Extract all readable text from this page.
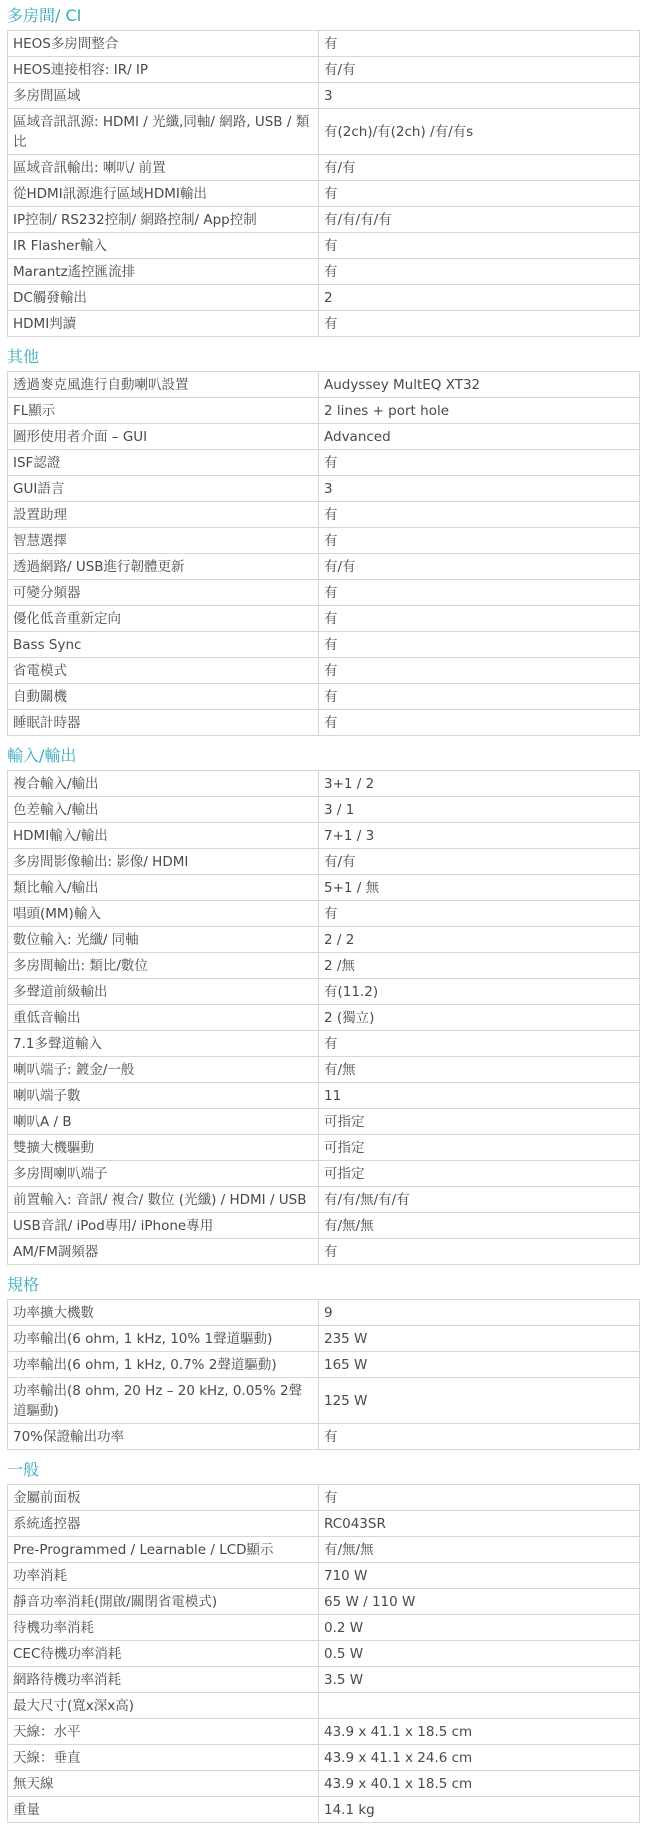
多房間/ CI
HEOS多房間整合	有
HEOS連接相容: IR/ IP	有/有
多房間區域	3
區域音訊訊源: HDMI / 光纖,同軸/ 網路, USB / 類比	有(2ch)/有(2ch) /有/有s
區域音訊輸出: 喇叭/ 前置	有/有
從HDMI訊源進行區域HDMI輸出	有
IP控制/ RS232控制/ 網路控制/ App控制	有/有/有/有
IR Flasher輸入	有
Marantz遙控匯流排	有
DC觸發輸出	2
HDMI判讀	有
其他
透過麥克風進行自動喇叭設置	Audyssey MultEQ XT32
FL顯示	2 lines + port hole
圖形使用者介面 – GUI	Advanced
ISF認證	有
GUI語言	3
設置助理	有
智慧選擇	有
透過網路/ USB進行韌體更新	有/有
可變分頻器	有
優化低音重新定向	有
Bass Sync	有
省電模式	有
自動關機	有
睡眠計時器	有
輸入/輸出
複合輸入/輸出	3+1 / 2
色差輸入/輸出	3 / 1
HDMI輸入/輸出	7+1 / 3
多房間影像輸出: 影像/ HDMI	有/有
類比輸入/輸出	5+1 / 無
唱頭(MM)輸入	有
數位輸入: 光纖/ 同軸	2 / 2
多房間輸出: 類比/數位	2 /無
多聲道前級輸出	有(11.2)
重低音輸出	2 (獨立)
7.1多聲道輸入	有
喇叭端子: 鍍金/一般	有/無
喇叭端子數	11
喇叭A / B	可指定
雙擴大機驅動	可指定
多房間喇叭端子	可指定
前置輸入: 音訊/ 複合/ 數位 (光纖) / HDMI / USB	有/有/無/有/有
USB音訊/ iPod專用/ iPhone專用	有/無/無
AM/FM調頻器	有
規格
功率擴大機數	9
功率輸出(6 ohm, 1 kHz, 10% 1聲道驅動)	235 W
功率輸出(6 ohm, 1 kHz, 0.7% 2聲道驅動)	165 W
功率輸出(8 ohm, 20 Hz – 20 kHz, 0.05% 2聲道驅動)	125 W
70%保證輸出功率	有
一般
金屬前面板	有
系統遙控器	RC043SR
Pre-Programmed / Learnable / LCD顯示	有/無/無
功率消耗	710 W
靜音功率消耗(開啟/關閉省電模式)	65 W / 110 W
待機功率消耗	0.2 W
CEC待機功率消耗	0.5 W
網路待機功率消耗	3.5 W
最大尺寸(寬x深x高)	
天線：水平	43.9 x 41.1 x 18.5 cm
天線：垂直	43.9 x 41.1 x 24.6 cm
無天線	43.9 x 40.1 x 18.5 cm
重量	14.1 kg
